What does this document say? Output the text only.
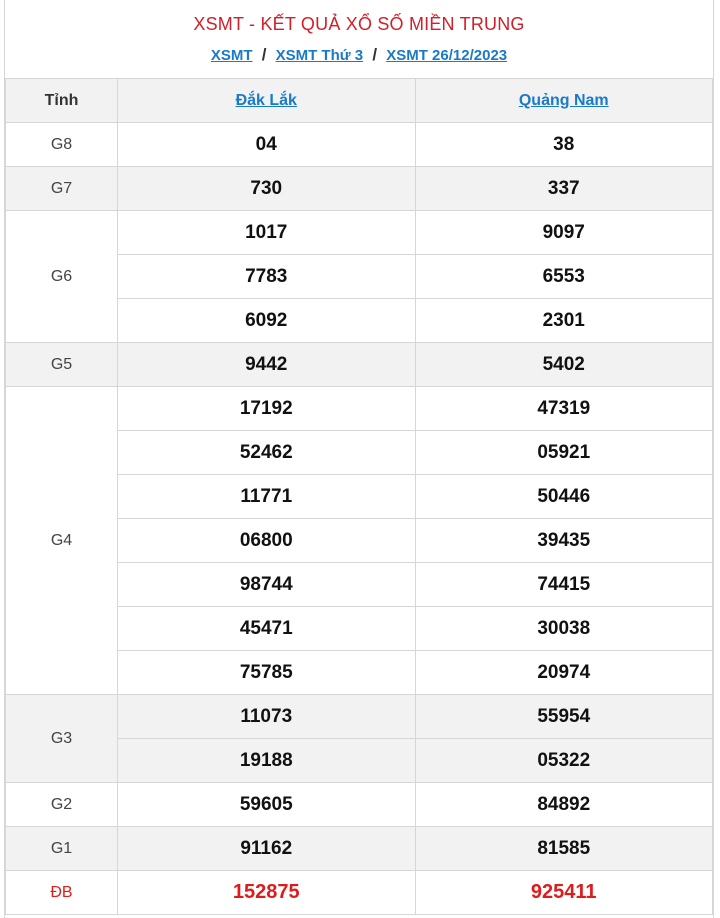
XSMT - KẾT QUẢ XỔ SỐ MIỀN TRUNG
XSMT / XSMT Thứ 3 / XSMT 26/12/2023
Tỉnh	Đắk Lắk	Quảng Nam
G8	04	38
G7	730	337
G6	1017	9097
	7783	6553
	6092	2301
G5	9442	5402
G4	17192	47319
	52462	05921
	11771	50446
	06800	39435
	98744	74415
	45471	30038
	75785	20974
G3	11073	55954
	19188	05322
G2	59605	84892
G1	91162	81585
ĐB	152875	925411
